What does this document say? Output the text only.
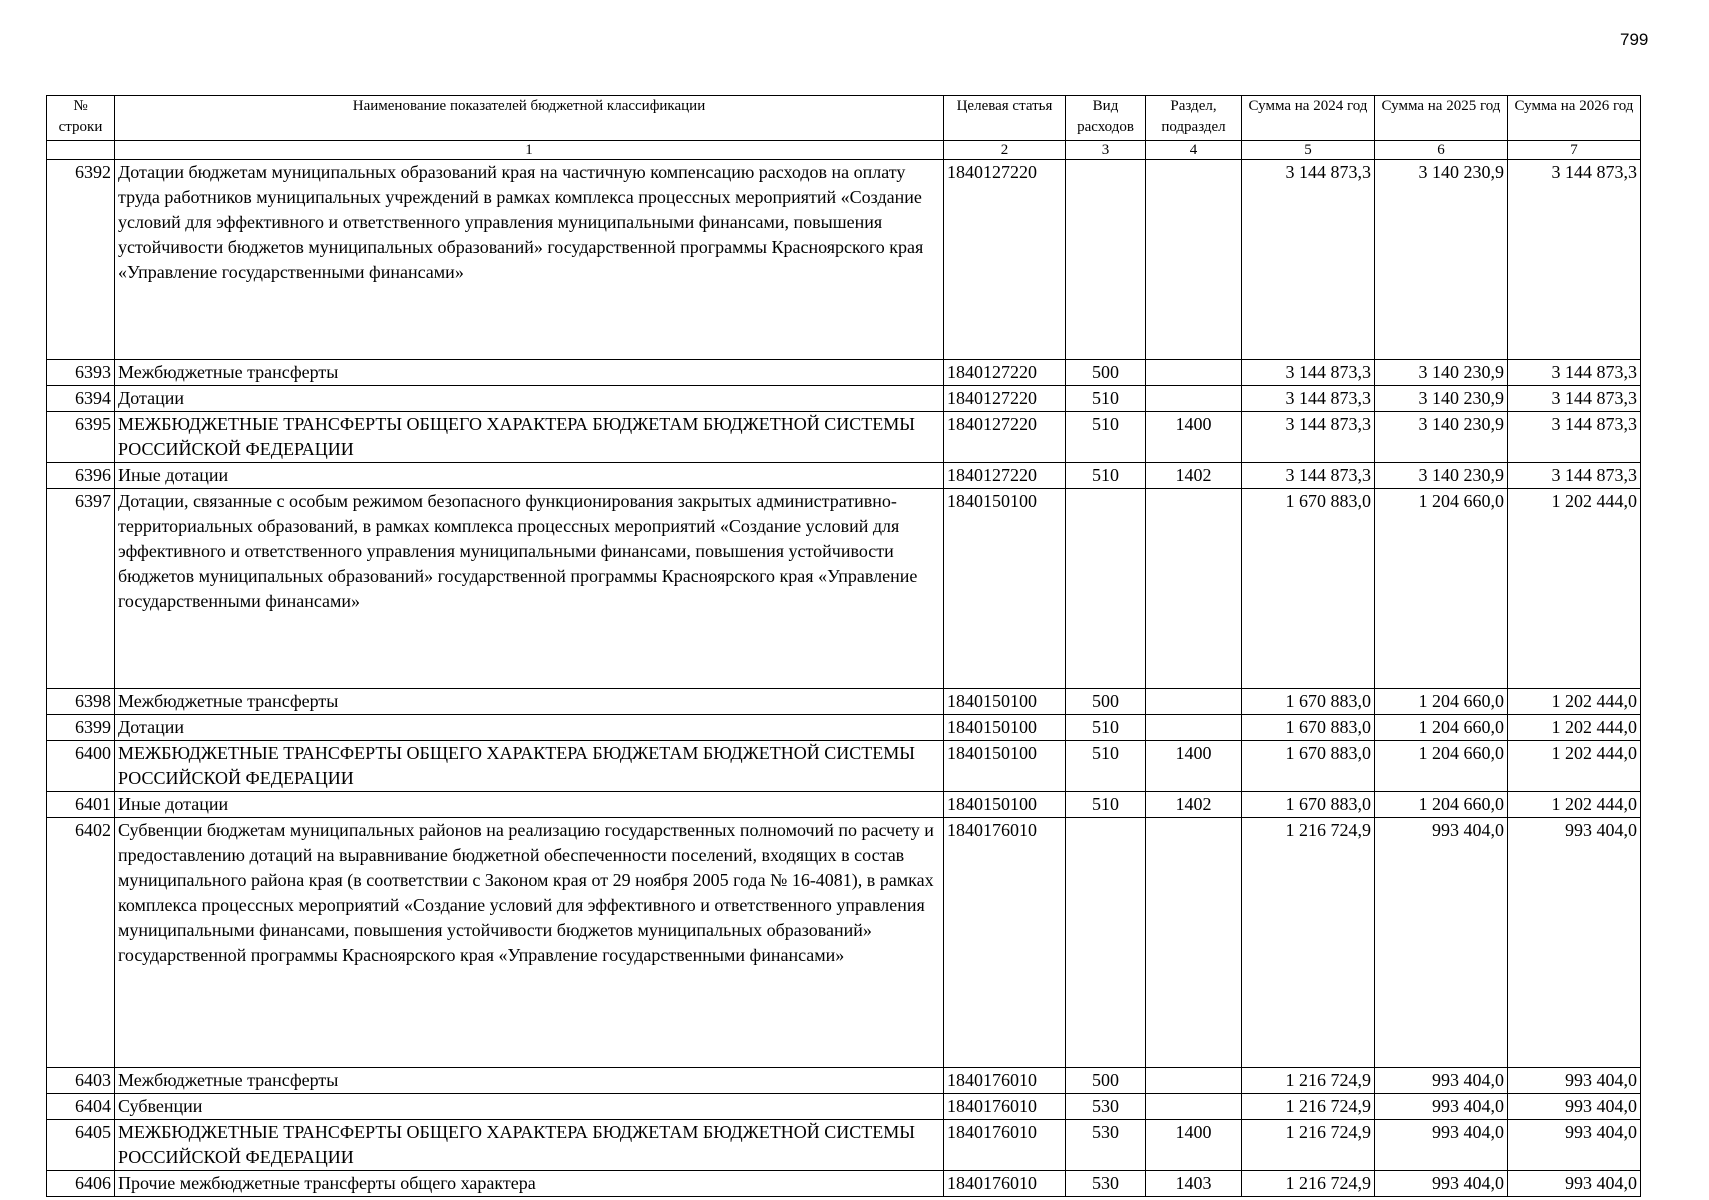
799
№ строки	Наименование показателей бюджетной классификации	Целевая статья	Вид расходов	Раздел, подраздел	Сумма на 2024 год	Сумма на 2025 год	Сумма на 2026 год
	1	2	3	4	5	6	7
6392	Дотации бюджетам муниципальных образований края на частичную компенсацию расходов на оплату труда работников муниципальных учреждений в рамках комплекса процессных мероприятий «Создание условий для эффективного и ответственного управления муниципальными финансами, повышения устойчивости бюджетов муниципальных образований» государственной программы Красноярского края «Управление государственными финансами»	1840127220			3 144 873,3	3 140 230,9	3 144 873,3
6393	Межбюджетные трансферты	1840127220	500		3 144 873,3	3 140 230,9	3 144 873,3
6394	Дотации	1840127220	510		3 144 873,3	3 140 230,9	3 144 873,3
6395	МЕЖБЮДЖЕТНЫЕ ТРАНСФЕРТЫ ОБЩЕГО ХАРАКТЕРА БЮДЖЕТАМ БЮДЖЕТНОЙ СИСТЕМЫ РОССИЙСКОЙ ФЕДЕРАЦИИ	1840127220	510	1400	3 144 873,3	3 140 230,9	3 144 873,3
6396	Иные дотации	1840127220	510	1402	3 144 873,3	3 140 230,9	3 144 873,3
6397	Дотации, связанные с особым режимом безопасного функционирования закрытых административно-территориальных образований, в рамках комплекса процессных мероприятий «Создание условий для эффективного и ответственного управления муниципальными финансами, повышения устойчивости бюджетов муниципальных образований» государственной программы Красноярского края «Управление государственными финансами»	1840150100			1 670 883,0	1 204 660,0	1 202 444,0
6398	Межбюджетные трансферты	1840150100	500		1 670 883,0	1 204 660,0	1 202 444,0
6399	Дотации	1840150100	510		1 670 883,0	1 204 660,0	1 202 444,0
6400	МЕЖБЮДЖЕТНЫЕ ТРАНСФЕРТЫ ОБЩЕГО ХАРАКТЕРА БЮДЖЕТАМ БЮДЖЕТНОЙ СИСТЕМЫ РОССИЙСКОЙ ФЕДЕРАЦИИ	1840150100	510	1400	1 670 883,0	1 204 660,0	1 202 444,0
6401	Иные дотации	1840150100	510	1402	1 670 883,0	1 204 660,0	1 202 444,0
6402	Субвенции бюджетам муниципальных районов на реализацию государственных полномочий по расчету и предоставлению дотаций на выравнивание бюджетной обеспеченности поселений, входящих в состав муниципального района края (в соответствии с Законом края от 29 ноября 2005 года № 16-4081), в рамках комплекса процессных мероприятий «Создание условий для эффективного и ответственного управления муниципальными финансами, повышения устойчивости бюджетов муниципальных образований» государственной программы Красноярского края «Управление государственными финансами»	1840176010			1 216 724,9	993 404,0	993 404,0
6403	Межбюджетные трансферты	1840176010	500		1 216 724,9	993 404,0	993 404,0
6404	Субвенции	1840176010	530		1 216 724,9	993 404,0	993 404,0
6405	МЕЖБЮДЖЕТНЫЕ ТРАНСФЕРТЫ ОБЩЕГО ХАРАКТЕРА БЮДЖЕТАМ БЮДЖЕТНОЙ СИСТЕМЫ РОССИЙСКОЙ ФЕДЕРАЦИИ	1840176010	530	1400	1 216 724,9	993 404,0	993 404,0
6406	Прочие межбюджетные трансферты общего характера	1840176010	530	1403	1 216 724,9	993 404,0	993 404,0
